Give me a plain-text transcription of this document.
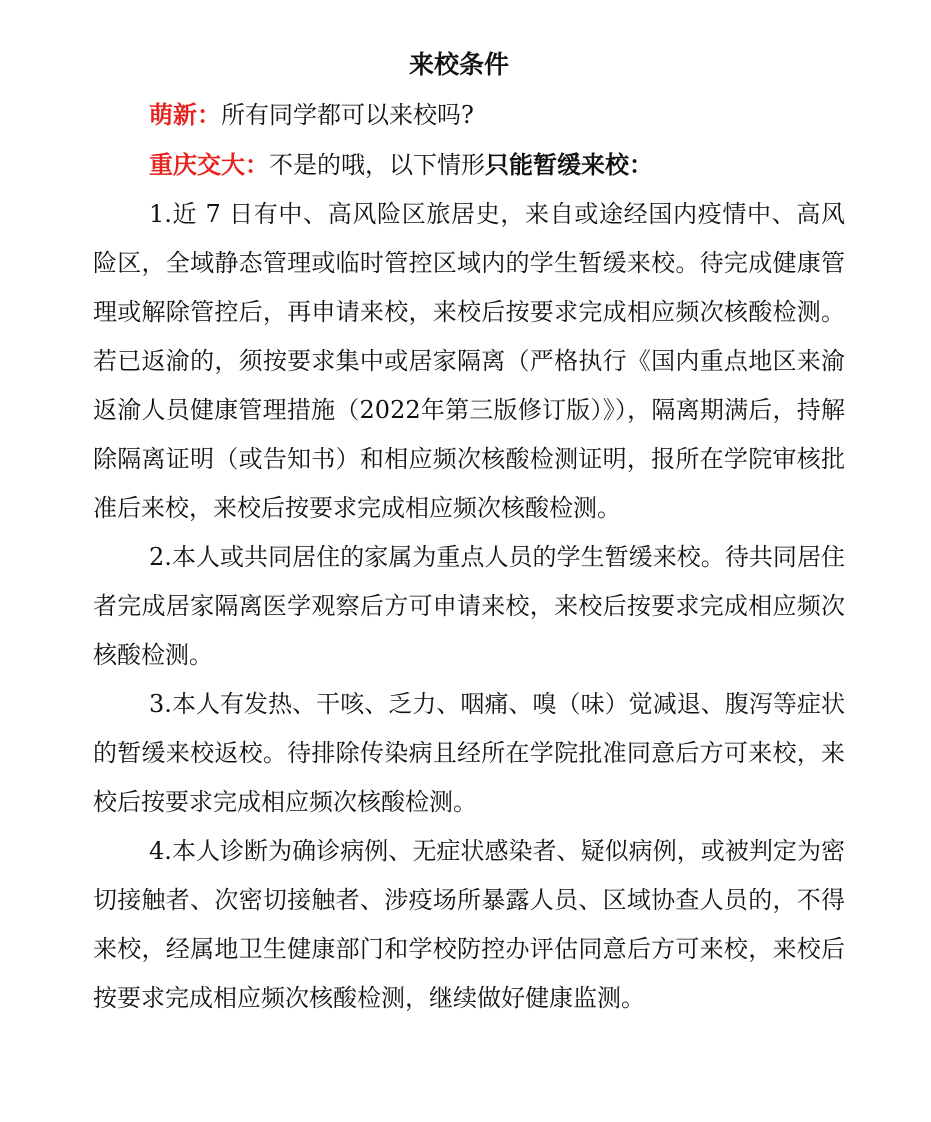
来校条件

萌新：所有同学都可以来校吗?

重庆交大：不是的哦，以下情形只能暂缓来校：

1.近 7 日有中、高风险区旅居史，来自或途经国内疫情中、高风险区，全域静态管理或临时管控区域内的学生暂缓来校。待完成健康管理或解除管控后，再申请来校，来校后按要求完成相应频次核酸检测。若已返渝的，须按要求集中或居家隔离（严格执行《国内重点地区来渝返渝人员健康管理措施（2022年第三版修订版）》），隔离期满后，持解除隔离证明（或告知书）和相应频次核酸检测证明，报所在学院审核批准后来校，来校后按要求完成相应频次核酸检测。

2.本人或共同居住的家属为重点人员的学生暂缓来校。待共同居住者完成居家隔离医学观察后方可申请来校，来校后按要求完成相应频次核酸检测。

3.本人有发热、干咳、乏力、咽痛、嗅（味）觉减退、腹泻等症状的暂缓来校返校。待排除传染病且经所在学院批准同意后方可来校，来校后按要求完成相应频次核酸检测。

4.本人诊断为确诊病例、无症状感染者、疑似病例，或被判定为密切接触者、次密切接触者、涉疫场所暴露人员、区域协查人员的，不得来校，经属地卫生健康部门和学校防控办评估同意后方可来校，来校后按要求完成相应频次核酸检测，继续做好健康监测。
